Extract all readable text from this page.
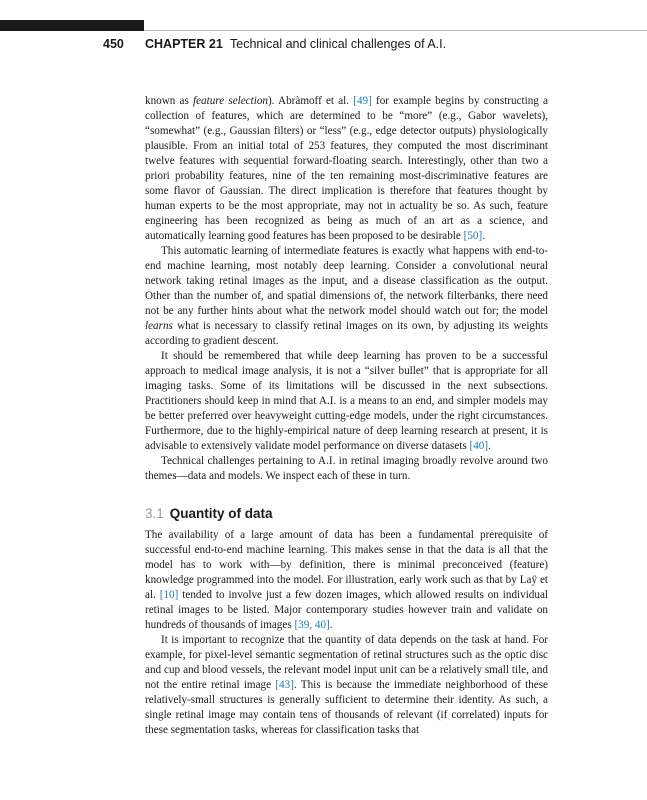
450 CHAPTER 21 Technical and clinical challenges of A.I.

known as feature selection). Abràmoff et al. [49] for example begins by constructing a collection of features, which are determined to be “more” (e.g., Gabor wavelets), “somewhat” (e.g., Gaussian filters) or “less” (e.g., edge detector outputs) physiologically plausible. From an initial total of 253 features, they computed the most discriminant twelve features with sequential forward-floating search. Interestingly, other than two a priori probability features, nine of the ten remaining most-discriminative features are some flavor of Gaussian. The direct implication is therefore that features thought by human experts to be the most appropriate, may not in actuality be so. As such, feature engineering has been recognized as being as much of an art as a science, and automatically learning good features has been proposed to be desirable [50].

This automatic learning of intermediate features is exactly what happens with end-to-end machine learning, most notably deep learning. Consider a convolutional neural network taking retinal images as the input, and a disease classification as the output. Other than the number of, and spatial dimensions of, the network filterbanks, there need not be any further hints about what the network model should watch out for; the model learns what is necessary to classify retinal images on its own, by adjusting its weights according to gradient descent.

It should be remembered that while deep learning has proven to be a successful approach to medical image analysis, it is not a “silver bullet” that is appropriate for all imaging tasks. Some of its limitations will be discussed in the next subsections. Practitioners should keep in mind that A.I. is a means to an end, and simpler models may be better preferred over heavyweight cutting-edge models, under the right circumstances. Furthermore, due to the highly-empirical nature of deep learning research at present, it is advisable to extensively validate model performance on diverse datasets [40].

Technical challenges pertaining to A.I. in retinal imaging broadly revolve around two themes—data and models. We inspect each of these in turn.

3.1 Quantity of data

The availability of a large amount of data has been a fundamental prerequisite of successful end-to-end machine learning. This makes sense in that the data is all that the model has to work with—by definition, there is minimal preconceived (feature) knowledge programmed into the model. For illustration, early work such as that by Laÿ et al. [10] tended to involve just a few dozen images, which allowed results on individual retinal images to be listed. Major contemporary studies however train and validate on hundreds of thousands of images [39, 40].

It is important to recognize that the quantity of data depends on the task at hand. For example, for pixel-level semantic segmentation of retinal structures such as the optic disc and cup and blood vessels, the relevant model input unit can be a relatively small tile, and not the entire retinal image [43]. This is because the immediate neighborhood of these relatively-small structures is generally sufficient to determine their identity. As such, a single retinal image may contain tens of thousands of relevant (if correlated) inputs for these segmentation tasks, whereas for classification tasks that
